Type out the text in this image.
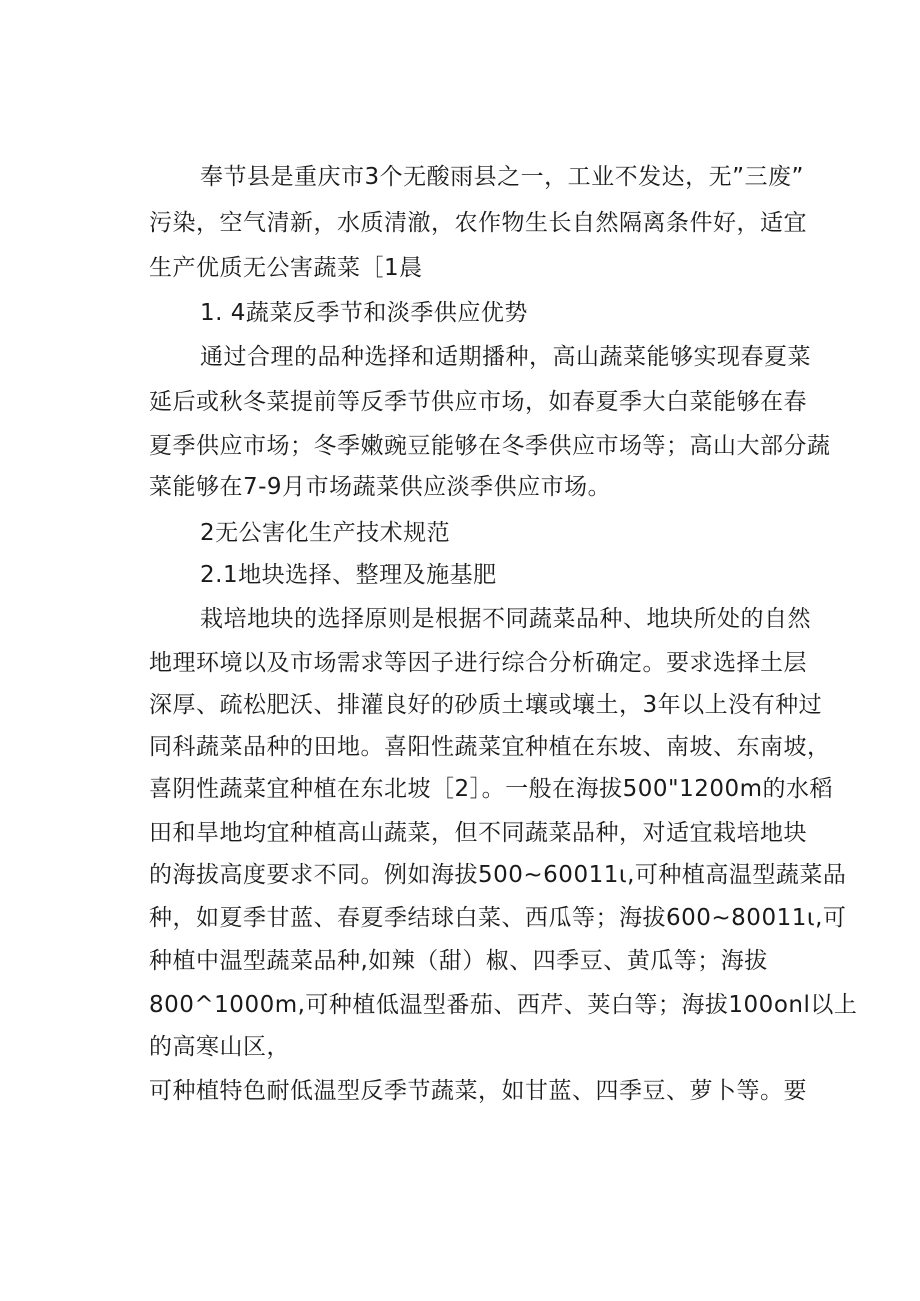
奉节县是重庆市3个无酸雨县之一，工业不发达，无”三废”
污染，空气清新，水质清澈，农作物生长自然隔离条件好，适宜
生产优质无公害蔬菜［1晨
1. 4蔬菜反季节和淡季供应优势
通过合理的品种选择和适期播种，高山蔬菜能够实现春夏菜
延后或秋冬菜提前等反季节供应市场，如春夏季大白菜能够在春
夏季供应市场；冬季嫩豌豆能够在冬季供应市场等；高山大部分蔬
菜能够在7-9月市场蔬菜供应淡季供应市场。
2无公害化生产技术规范
2.1地块选择、整理及施基肥
栽培地块的选择原则是根据不同蔬菜品种、地块所处的自然
地理环境以及市场需求等因子进行综合分析确定。要求选择土层
深厚、疏松肥沃、排灌良好的砂质土壤或壤土，3年以上没有种过
同科蔬菜品种的田地。喜阳性蔬菜宜种植在东坡、南坡、东南坡，
喜阴性蔬菜宜种植在东北坡［2］。一般在海拔500"1200m的水稻
田和旱地均宜种植高山蔬菜，但不同蔬菜品种，对适宜栽培地块
的海拔高度要求不同。例如海拔500~60011ι,可种植高温型蔬菜品
种，如夏季甘蓝、春夏季结球白菜、西瓜等；海拔600~80011ι,可
种植中温型蔬菜品种,如辣（甜）椒、四季豆、黄瓜等；海拔
800^1000m,可种植低温型番茄、西芹、荚白等；海拔100onl以上
的高寒山区，
可种植特色耐低温型反季节蔬菜，如甘蓝、四季豆、萝卜等。要
